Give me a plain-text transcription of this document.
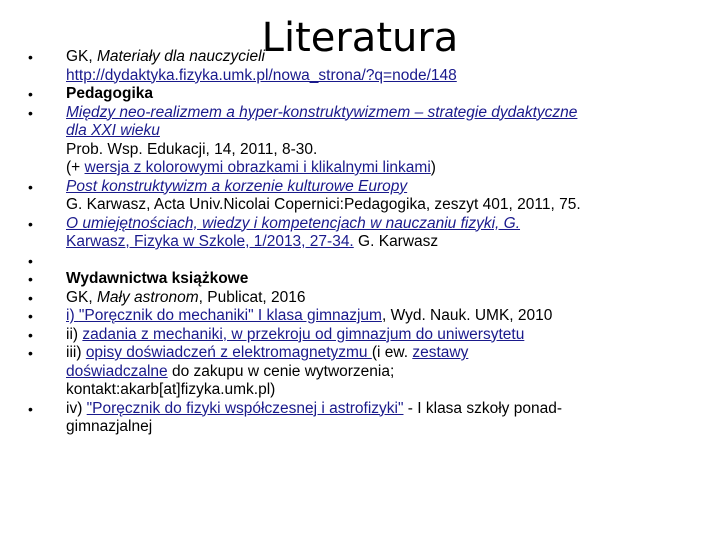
Literatura
•	GK, Materiały dla nauczycieli
http://dydaktyka.fizyka.umk.pl/nowa_strona/?q=node/148
•	Pedagogika
•	Między neo-realizmem a hyper-konstruktywizmem – strategie dydaktyczne
dla XXI wieku
Prob. Wsp. Edukacji, 14, 2011, 8-30.
(+ wersja z kolorowymi obrazkami i klikalnymi linkami)
•	Post konstruktywizm a korzenie kulturowe Europy
G. Karwasz, Acta Univ.Nicolai Copernici:Pedagogika, zeszyt 401, 2011, 75.
•	O umiejętnościach, wiedzy i kompetencjach w nauczaniu fizyki, G.
Karwasz, Fizyka w Szkole, 1/2013, 27-34. G. Karwasz
•
•	Wydawnictwa książkowe
•	GK, Mały astronom, Publicat, 2016
•	i) "Poręcznik do mechaniki" I klasa gimnazjum, Wyd. Nauk. UMK, 2010
•	ii) zadania z mechaniki, w przekroju od gimnazjum do uniwersytetu
•	iii) opisy doświadczeń z elektromagnetyzmu (i ew. zestawy
doświadczalne do zakupu w cenie wytworzenia;
kontakt:akarb[at]fizyka.umk.pl)
•	iv) "Poręcznik do fizyki współczesnej i astrofizyki" - I klasa szkoły ponad-
gimnazjalnej
